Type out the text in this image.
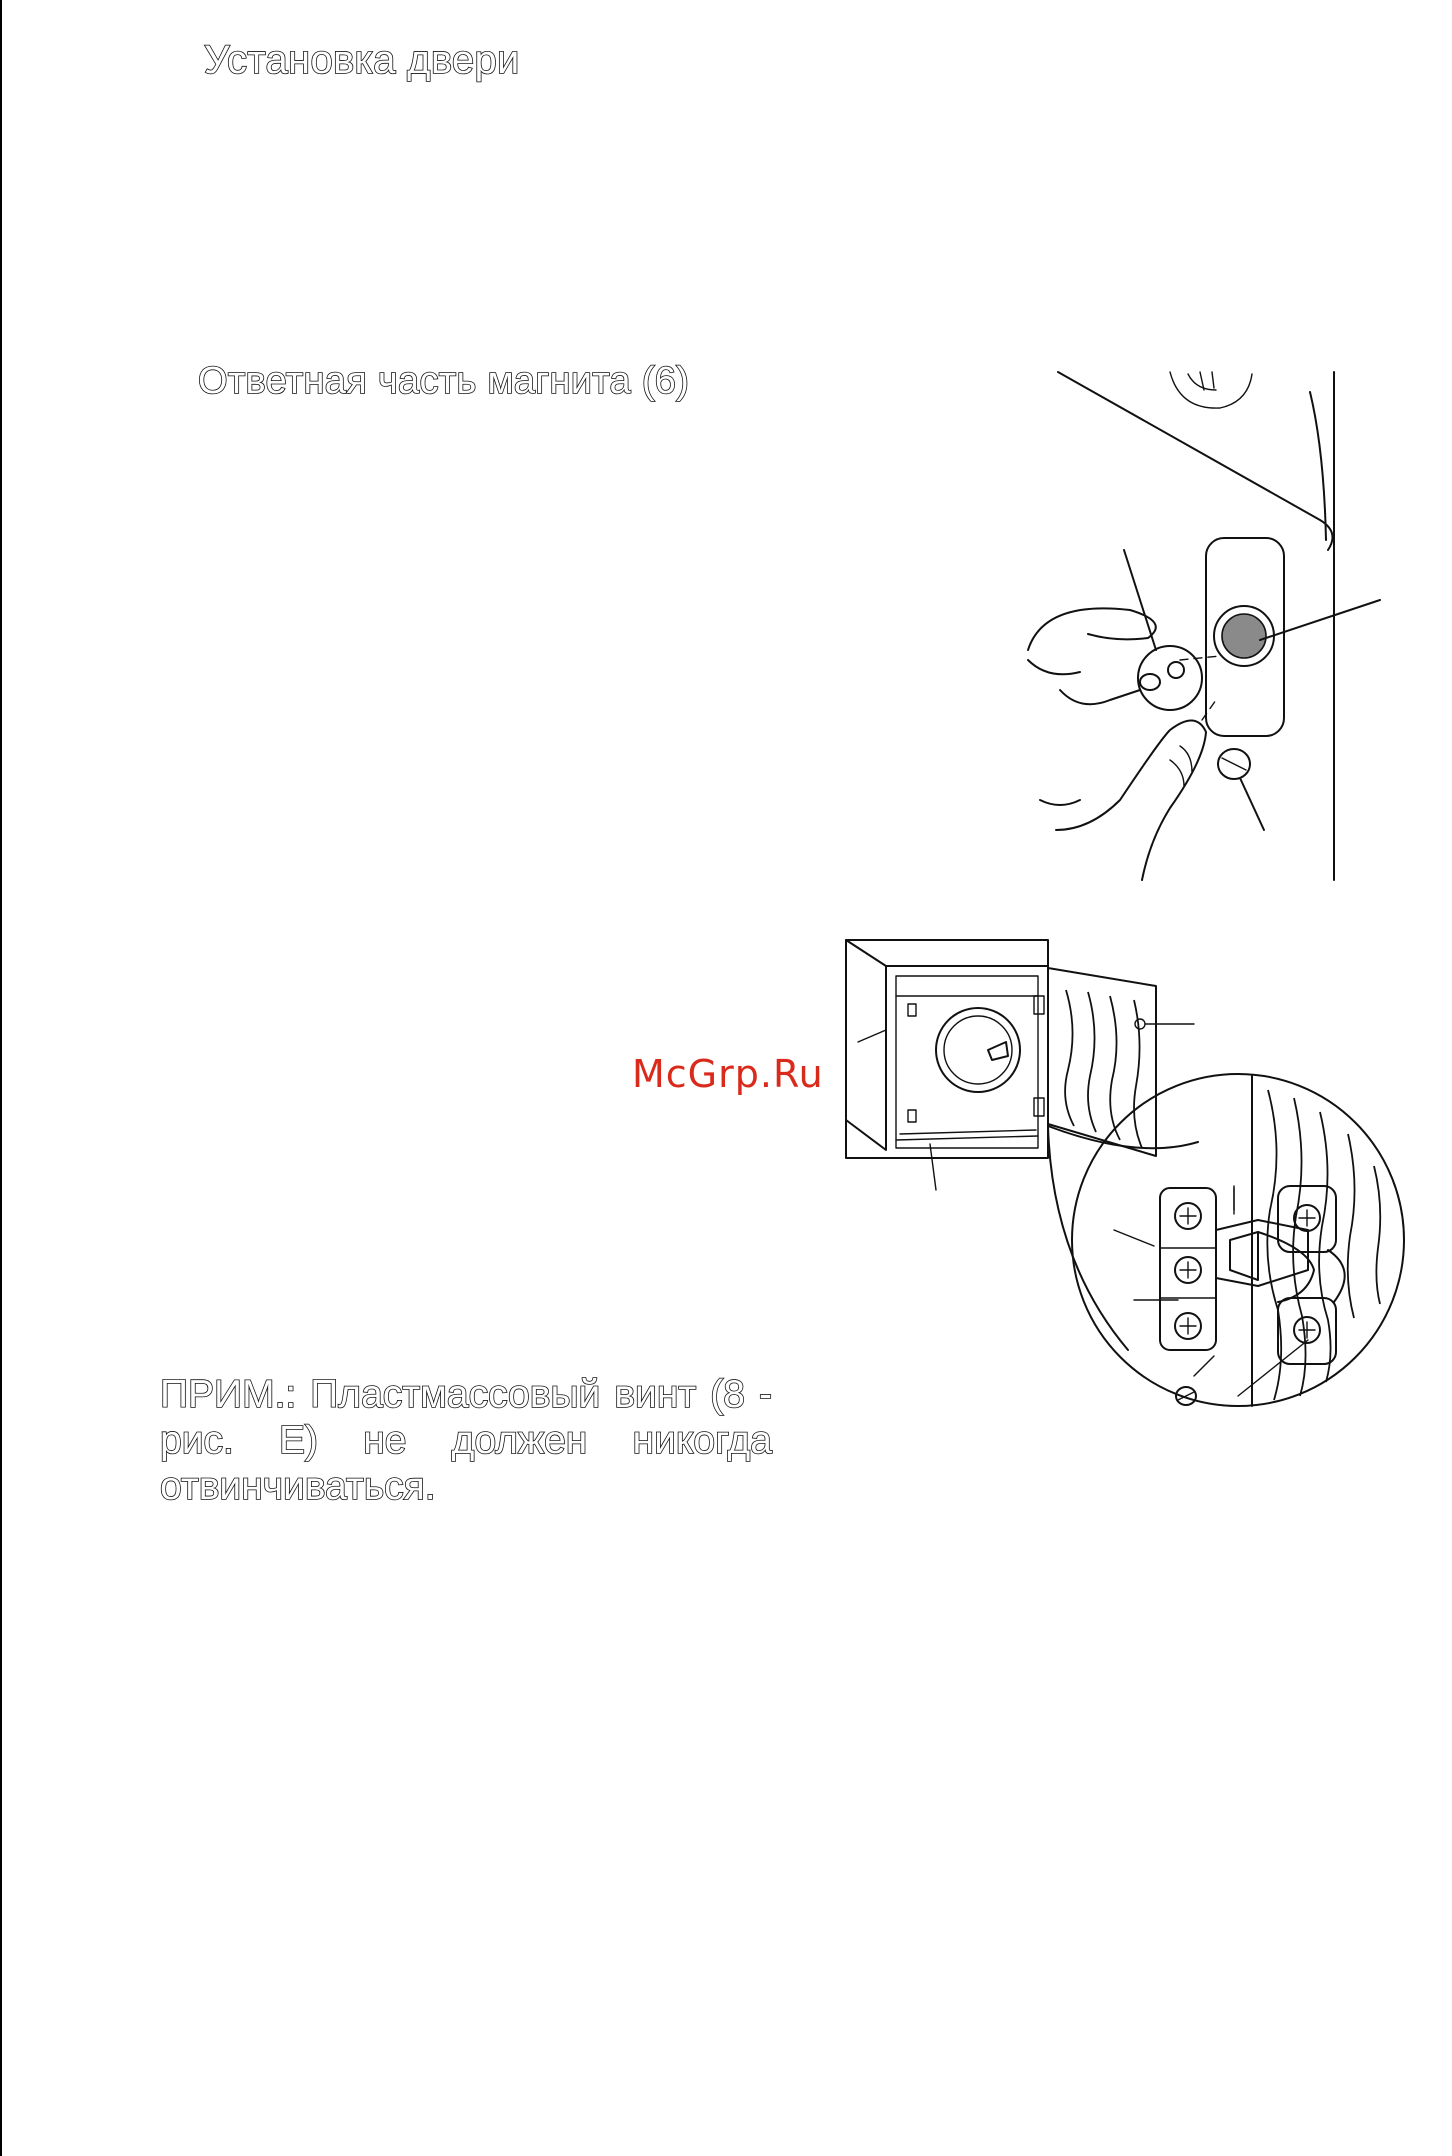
Установка двери
Ответная часть магнита (6)
ПРИМ.: Пластмассовый винт (8 - рис. E) не должен никогда отвинчиваться.
McGrp.Ru
